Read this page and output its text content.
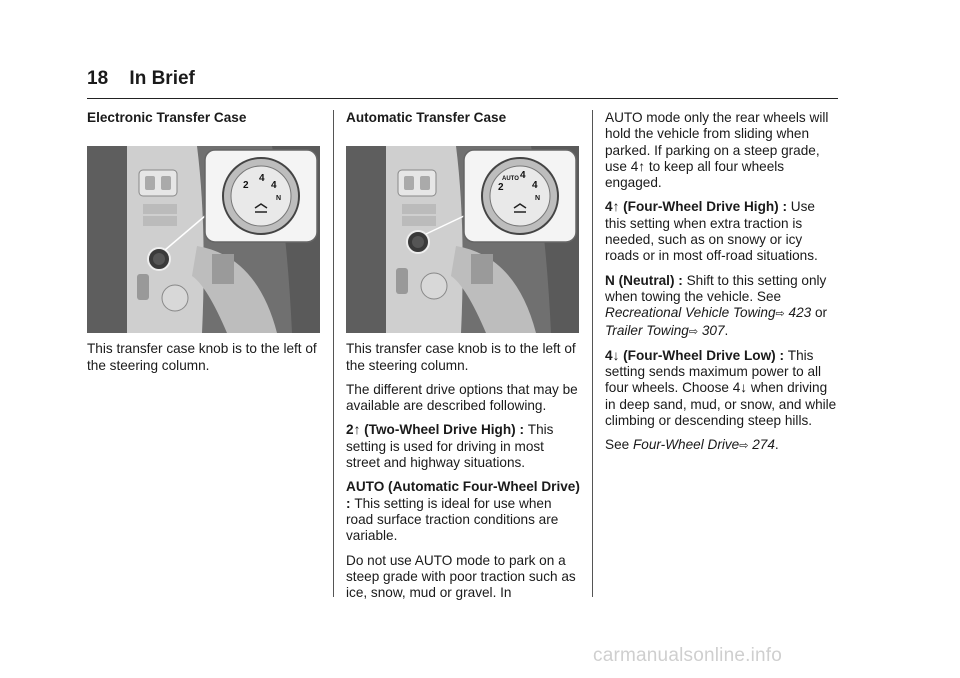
18 In Brief
Electronic Transfer Case
2
4
4
N

This transfer case knob is to the left of the steering column.

Automatic Transfer Case
2
AUTO 4
4
N

This transfer case knob is to the left of the steering column.

The different drive options that may be available are described following.

2↑ (Two-Wheel Drive High) : This setting is used for driving in most street and highway situations.

AUTO (Automatic Four-Wheel Drive) : This setting is ideal for use when road surface traction conditions are variable.

Do not use AUTO mode to park on a steep grade with poor traction such as ice, snow, mud or gravel. In

AUTO mode only the rear wheels will hold the vehicle from sliding when parked. If parking on a steep grade, use 4↑ to keep all four wheels engaged.

4↑ (Four-Wheel Drive High) : Use this setting when extra traction is needed, such as on snowy or icy roads or in most off-road situations.

N (Neutral) : Shift to this setting only when towing the vehicle. See Recreational Vehicle Towing⇨ 423 or Trailer Towing⇨ 307.

4↓ (Four-Wheel Drive Low) : This setting sends maximum power to all four wheels. Choose 4↓ when driving in deep sand, mud, or snow, and while climbing or descending steep hills.

See Four-Wheel Drive⇨ 274.

carmanualsonline.info
